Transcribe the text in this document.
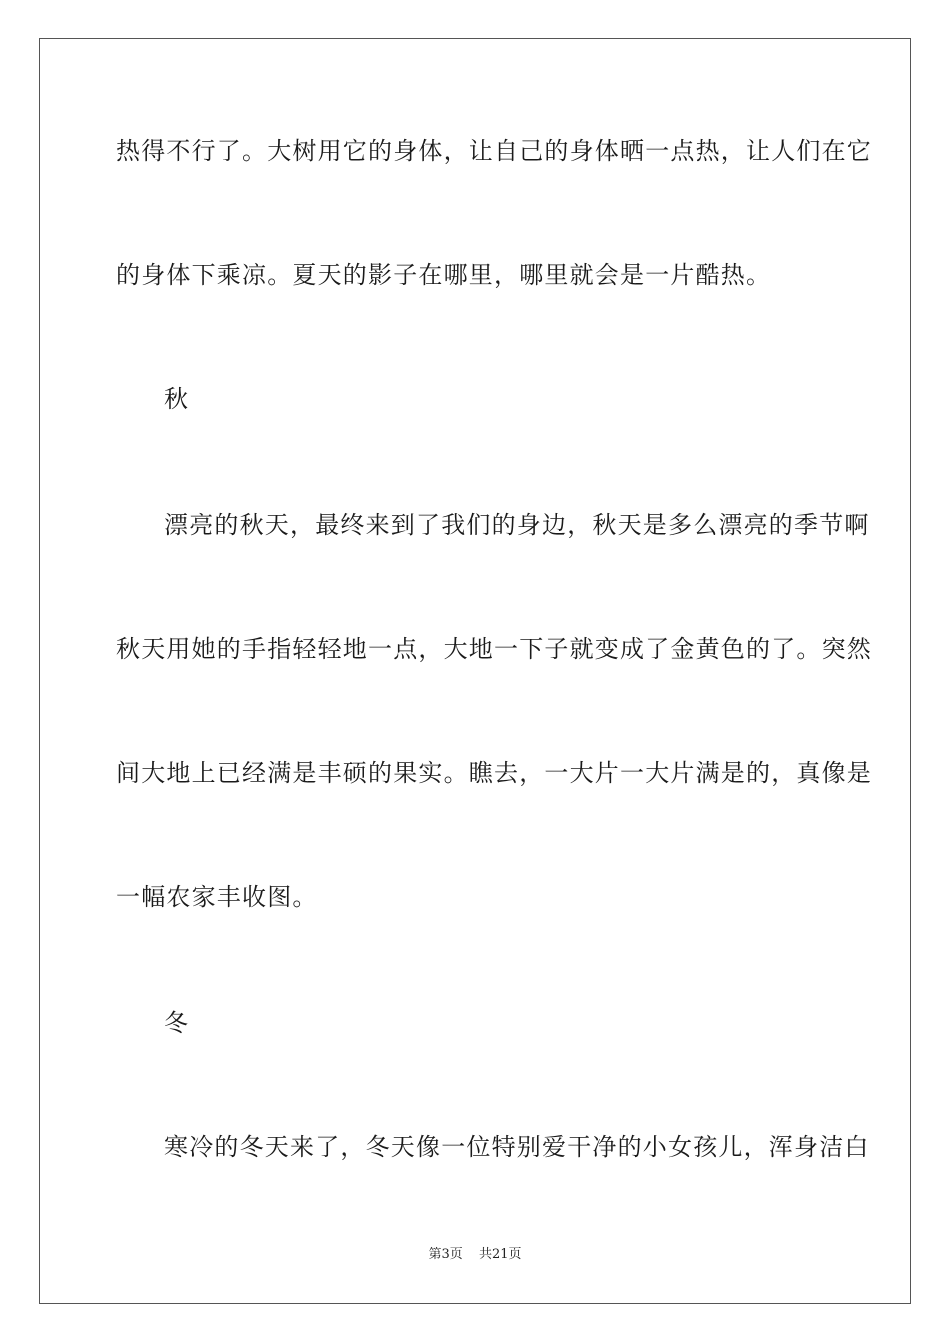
热得不行了。大树用它的身体，让自己的身体晒一点热，让人们在它
的身体下乘凉。夏天的影子在哪里，哪里就会是一片酷热。
秋
漂亮的秋天，最终来到了我们的身边，秋天是多么漂亮的季节啊
秋天用她的手指轻轻地一点，大地一下子就变成了金黄色的了。突然
间大地上已经满是丰硕的果实。瞧去，一大片一大片满是的，真像是
一幅农家丰收图。
冬
寒冷的冬天来了，冬天像一位特别爱干净的小女孩儿，浑身洁白
第3页 共21页
